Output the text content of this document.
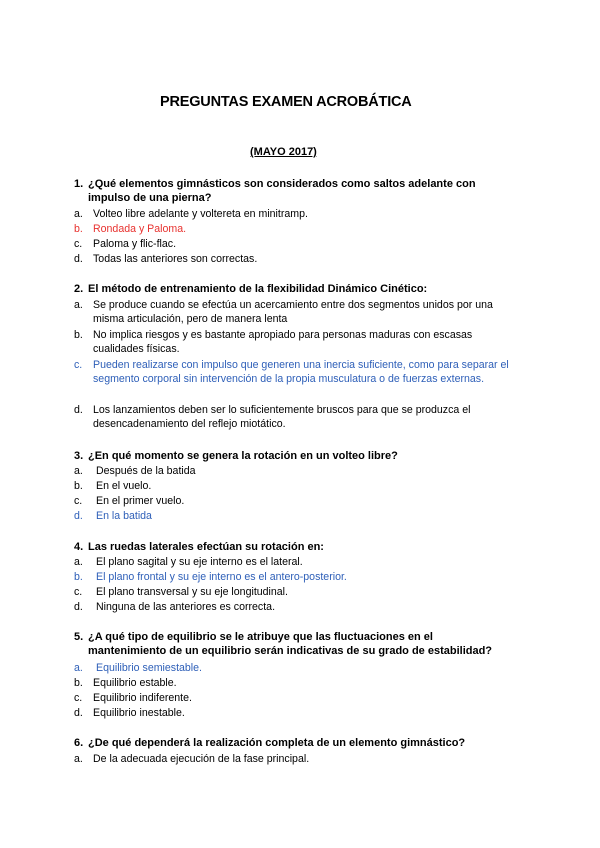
PREGUNTAS EXAMEN ACROBÁTICA
(MAYO 2017)
1. ¿Qué elementos gimnásticos son considerados como saltos adelante con impulso de una pierna?
a. Volteo libre adelante y voltereta en minitramp.
b. Rondada y Paloma.
c.	Paloma y flic-flac.
d. Todas las anteriores son correctas.
2. El método de entrenamiento de la flexibilidad Dinámico Cinético:
a. Se produce cuando se efectúa un acercamiento entre dos segmentos unidos por una misma articulación, pero de manera lenta
b. No implica riesgos y es bastante apropiado para personas maduras con escasas cualidades físicas.
c.	Pueden realizarse con impulso que generen una inercia suficiente, como para separar el segmento corporal sin intervención de la propia musculatura o de fuerzas externas.
d. Los lanzamientos deben ser lo suficientemente bruscos para que se produzca el desencadenamiento del reflejo miotático.
3. ¿En qué momento se genera la rotación en un volteo libre?
a.	Después de la batida
b.	En el vuelo.
c.	En el primer vuelo.
d.	En la batida
4. Las ruedas laterales efectúan su rotación en:
a.	El plano sagital y su eje interno es el lateral.
b.	El plano frontal y su eje interno es el antero-posterior.
c.	El plano transversal y su eje longitudinal.
d.	Ninguna de las anteriores es correcta.
5. ¿A qué tipo de equilibrio se le atribuye que las fluctuaciones en el mantenimiento de un equilibrio serán indicativas de su grado de estabilidad?
a.	Equilibrio semiestable.
b. Equilibrio estable.
c.	Equilibrio indiferente.
d. Equilibrio inestable.
6. ¿De qué dependerá la realización completa de un elemento gimnástico?
a. De la adecuada ejecución de la fase principal.
